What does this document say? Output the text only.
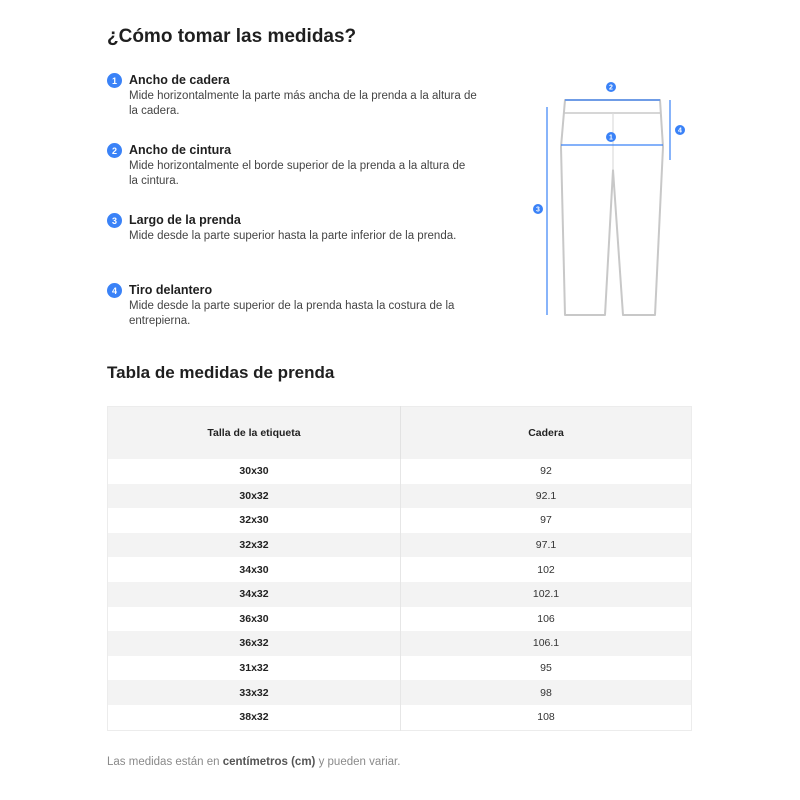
¿Cómo tomar las medidas?
1 Ancho de cadera
Mide horizontalmente la parte más ancha de la prenda a la altura de la cadera.
2 Ancho de cintura
Mide horizontalmente el borde superior de la prenda a la altura de la cintura.
3 Largo de la prenda
Mide desde la parte superior hasta la parte inferior de la prenda.
4 Tiro delantero
Mide desde la parte superior de la prenda hasta la costura de la entrepierna.
2
1
3
4
Tabla de medidas de prenda
Talla de la etiqueta	Cadera
30x30	92
30x32	92.1
32x30	97
32x32	97.1
34x30	102
34x32	102.1
36x30	106
36x32	106.1
31x32	95
33x32	98
38x32	108
Las medidas están en centímetros (cm) y pueden variar.
